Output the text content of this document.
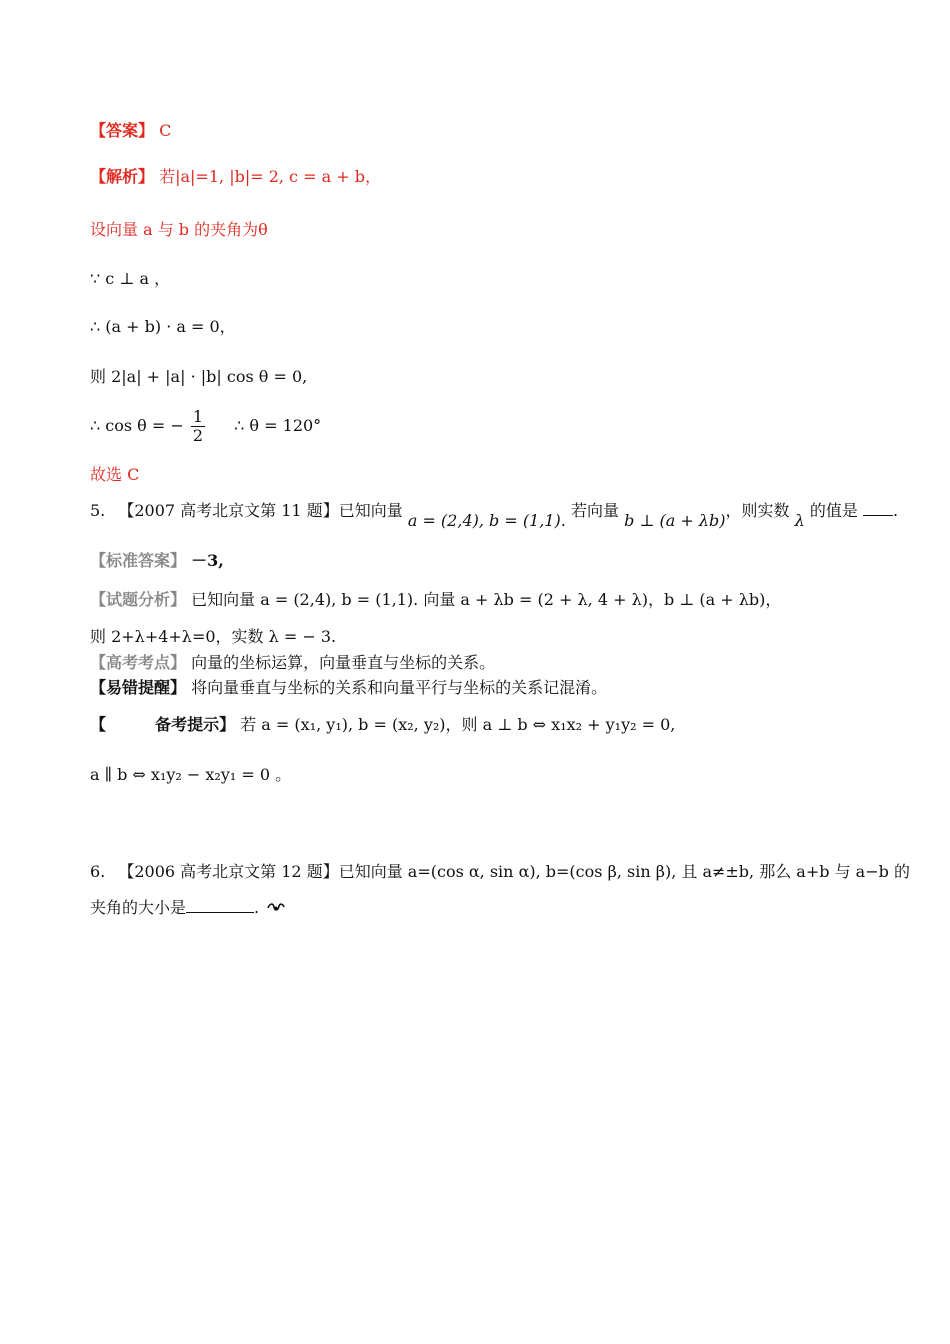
【答案】 C
【解析】 若|a|=1, |b|= 2, c = a + b，
设向量 a 与 b 的夹角为θ
∵ c ⊥ a ，
∴ (a + b) · a = 0，
则 2|a| + |a| · |b| cos θ = 0,
∴ cos θ = − $\frac{1}{2}$ ∴ θ = 120°
故选 C
5. 【2007 高考北京文第 11 题】已知向量 a = (2,4), b = (1,1). 若向量 b ⊥ (a + λb)，则实数 λ 的值是 .
【标准答案】 －3,
【试题分析】 已知向量 a = (2,4), b = (1,1). 向量 a + λb = (2 + λ, 4 + λ)，b ⊥ (a + λb)，
则 2+λ+4+λ=0，实数 λ = − 3.
【高考考点】 向量的坐标运算，向量垂直与坐标的关系。
【易错提醒】 将向量垂直与坐标的关系和向量平行与坐标的关系记混淆。
【	备考提示】 若 a = (x₁, y₁), b = (x₂, y₂)，则 a ⊥ b ⇔ x₁x₂ + y₁y₂ = 0,
a ∥ b ⇔ x₁y₂ − x₂y₁ = 0 。
6. 【2006 高考北京文第 12 题】已知向量 a=(cos α, sin α), b=(cos β, sin β), 且 a≠±b, 那么 a+b 与 a−b 的
夹角的大小是	.
